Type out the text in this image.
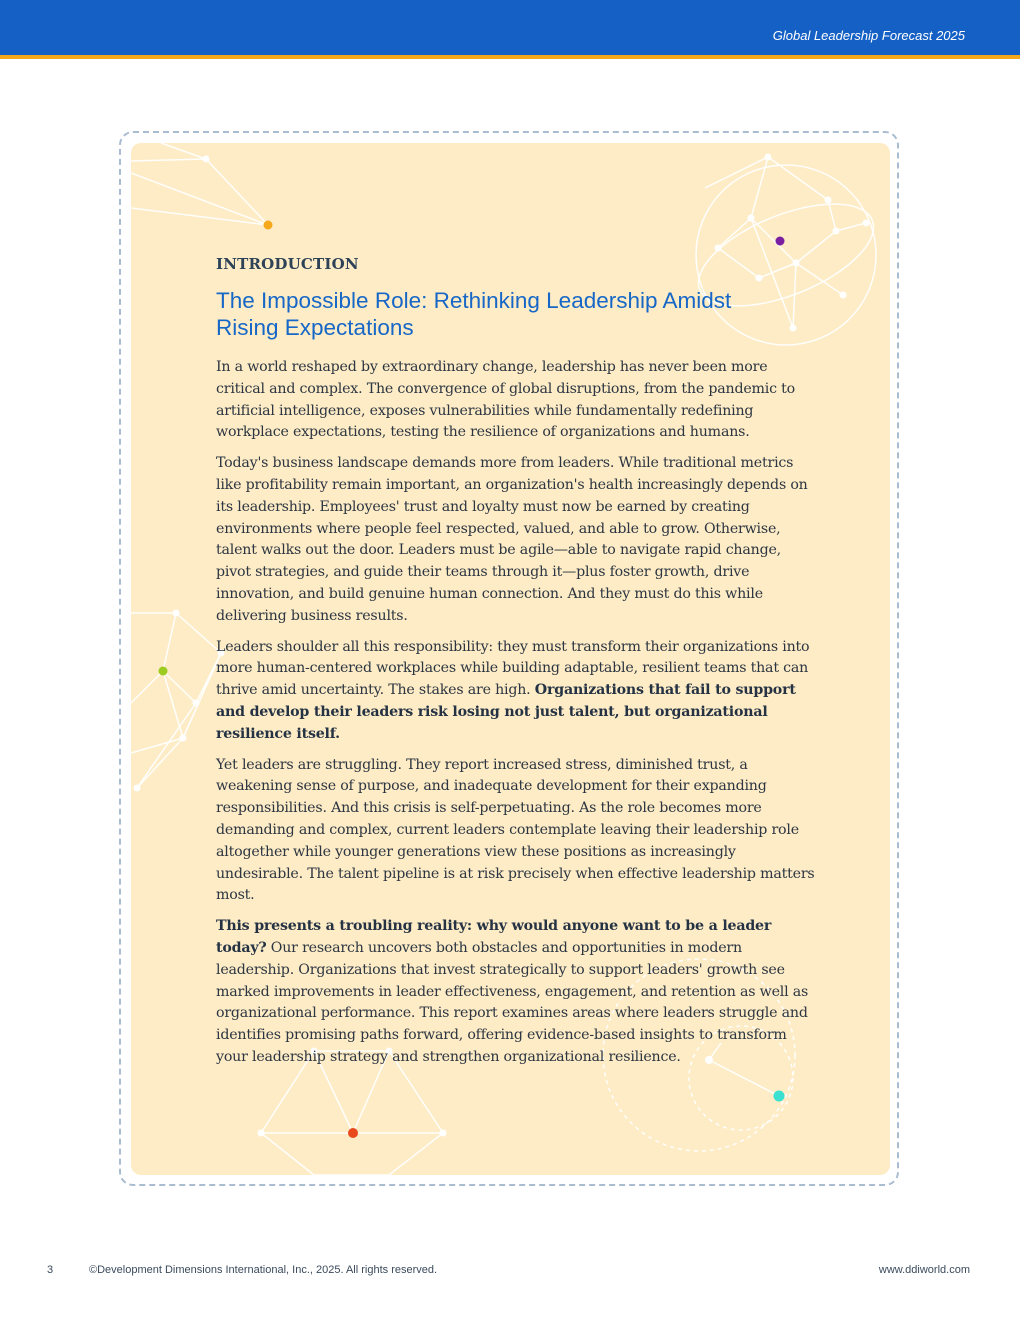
Global Leadership Forecast 2025
INTRODUCTION
The Impossible Role: Rethinking Leadership Amidst
Rising Expectations

In a world reshaped by extraordinary change, leadership has never been more critical and complex. The convergence of global disruptions, from the pandemic to artificial intelligence, exposes vulnerabilities while fundamentally redefining workplace expectations, testing the resilience of organizations and humans.

Today's business landscape demands more from leaders. While traditional metrics like profitability remain important, an organization's health increasingly depends on its leadership. Employees' trust and loyalty must now be earned by creating environments where people feel respected, valued, and able to grow. Otherwise, talent walks out the door. Leaders must be agile—able to navigate rapid change, pivot strategies, and guide their teams through it—plus foster growth, drive innovation, and build genuine human connection. And they must do this while delivering business results.

Leaders shoulder all this responsibility: they must transform their organizations into more human-centered workplaces while building adaptable, resilient teams that can thrive amid uncertainty. The stakes are high. Organizations that fail to support and develop their leaders risk losing not just talent, but organizational resilience itself.

Yet leaders are struggling. They report increased stress, diminished trust, a weakening sense of purpose, and inadequate development for their expanding responsibilities. And this crisis is self-perpetuating. As the role becomes more demanding and complex, current leaders contemplate leaving their leadership role altogether while younger generations view these positions as increasingly undesirable. The talent pipeline is at risk precisely when effective leadership matters most.

This presents a troubling reality: why would anyone want to be a leader today? Our research uncovers both obstacles and opportunities in modern leadership. Organizations that invest strategically to support leaders' growth see marked improvements in leader effectiveness, engagement, and retention as well as organizational performance. This report examines areas where leaders struggle and identifies promising paths forward, offering evidence-based insights to transform your leadership strategy and strengthen organizational resilience.

3	©Development Dimensions International, Inc., 2025. All rights reserved.	www.ddiworld.com
